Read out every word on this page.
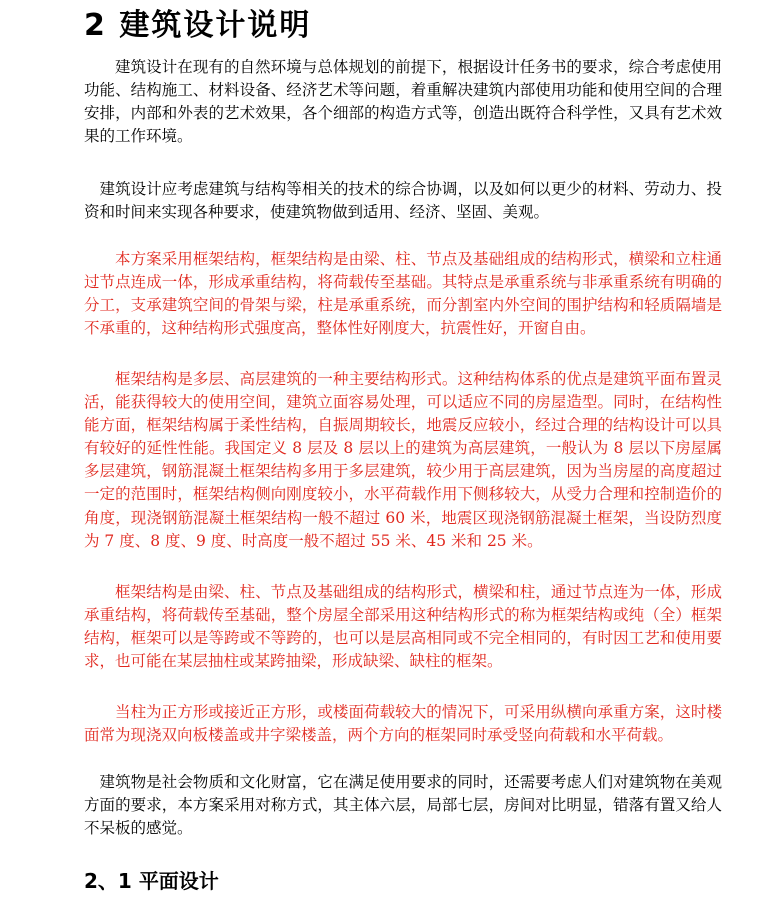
2 建筑设计说明

建筑设计在现有的自然环境与总体规划的前提下，根据设计任务书的要求，综合考虑使用功能、结构施工、材料设备、经济艺术等问题，着重解决建筑内部使用功能和使用空间的合理安排，内部和外表的艺术效果，各个细部的构造方式等，创造出既符合科学性，又具有艺术效果的工作环境。

建筑设计应考虑建筑与结构等相关的技术的综合协调，以及如何以更少的材料、劳动力、投资和时间来实现各种要求，使建筑物做到适用、经济、坚固、美观。

本方案采用框架结构，框架结构是由梁、柱、节点及基础组成的结构形式，横梁和立柱通过节点连成一体，形成承重结构，将荷载传至基础。其特点是承重系统与非承重系统有明确的分工，支承建筑空间的骨架与梁，柱是承重系统，而分割室内外空间的围护结构和轻质隔墙是不承重的，这种结构形式强度高，整体性好刚度大，抗震性好，开窗自由。

框架结构是多层、高层建筑的一种主要结构形式。这种结构体系的优点是建筑平面布置灵活，能获得较大的使用空间，建筑立面容易处理，可以适应不同的房屋造型。同时，在结构性能方面，框架结构属于柔性结构，自振周期较长，地震反应较小，经过合理的结构设计可以具有较好的延性性能。我国定义 8 层及 8 层以上的建筑为高层建筑，一般认为 8 层以下房屋属多层建筑，钢筋混凝土框架结构多用于多层建筑，较少用于高层建筑，因为当房屋的高度超过一定的范围时，框架结构侧向刚度较小，水平荷载作用下侧移较大，从受力合理和控制造价的角度，现浇钢筋混凝土框架结构一般不超过 60 米，地震区现浇钢筋混凝土框架，当设防烈度为 7 度、8 度、9 度、时高度一般不超过 55 米、45 米和 25 米。

框架结构是由梁、柱、节点及基础组成的结构形式，横梁和柱，通过节点连为一体，形成承重结构，将荷载传至基础，整个房屋全部采用这种结构形式的称为框架结构或纯（全）框架结构，框架可以是等跨或不等跨的，也可以是层高相同或不完全相同的，有时因工艺和使用要求，也可能在某层抽柱或某跨抽梁，形成缺梁、缺柱的框架。

当柱为正方形或接近正方形，或楼面荷载较大的情况下，可采用纵横向承重方案，这时楼面常为现浇双向板楼盖或井字梁楼盖，两个方向的框架同时承受竖向荷载和水平荷载。

建筑物是社会物质和文化财富，它在满足使用要求的同时，还需要考虑人们对建筑物在美观方面的要求，本方案采用对称方式，其主体六层，局部七层，房间对比明显，错落有置又给人不呆板的感觉。

2、1 平面设计
